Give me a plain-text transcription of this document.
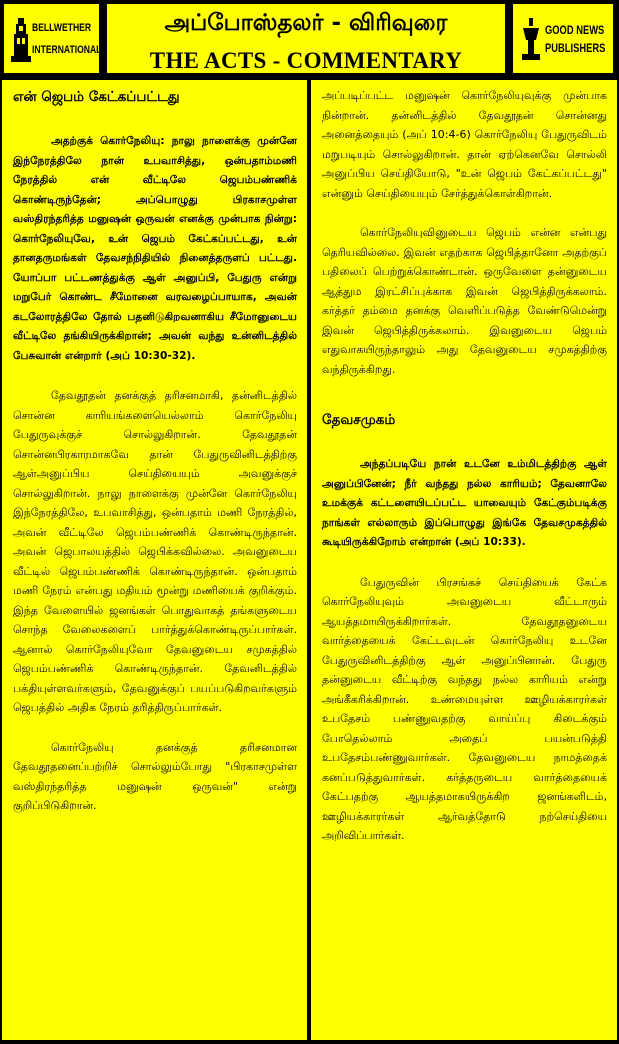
BELLWETHER
INTERNATIONAL
அப்போஸ்தலர் - விரிவுரை
THE ACTS - COMMENTARY
GOOD NEWS
PUBLISHERS
என் ஜெபம் கேட்கப்பட்டது

அதற்குக் கொர்நேலியு: நாலு நாளைக்கு முன்னே இந்நேரத்திலே நான் உபவாசித்து, ஒன்பதாம்மணி நேரத்தில் என் வீட்டிலே ஜெபம்பண்ணிக் கொண்டிருந்தேன்; அப்பொழுது பிரகாசமுள்ள வஸ்திரந்தரித்த மனுஷன் ஒருவன் எனக்கு முன்பாக நின்று: கொர்நேலியுவே, உன் ஜெபம் கேட்கப்பட்டது, உன் தானதருமங்கள் தேவசந்நிதியில் நினைத்தருளப் பட்டது. யோப்பா பட்டணத்துக்கு ஆள் அனுப்பி, பேதுரு என்று மறுபேர் கொண்ட சீமோனை வரவழைப்பாயாக, அவன் கடலோரத்திலே தோல் பதனிடுகிறவனாகிய சீமோனுடைய வீட்டிலே தங்கியிருக்கிறான்; அவன் வந்து உன்னிடத்தில் பேசுவான் என்றார் (அப் 10:30-32).

தேவதூதன் தனக்குத் தரிசனமாகி, தன்னிடத்தில் சொன்ன காரியங்களையெல்லாம் கொர்நேலியு பேதுருவுக்குச் சொல்லுகிறான். தேவதூதன் சொன்னபிரகாரமாகவே தான் பேதுருவினிடத்திற்கு ஆள்அனுப்பிய செய்தியையும் அவனுக்குச் சொல்லுகிறான். நாலு நாளைக்கு முன்னே கொர்நேலியு இந்நேரத்திலே, உபவாசித்து, ஒன்பதாம் மணி நேரத்தில், அவன் வீட்டிலே ஜெபம்பண்ணிக் கொண்டிருந்தான். அவன் ஜெபாலயத்தில் ஜெபிக்கவில்லை. அவனுடைய வீட்டில் ஜெபம்பண்ணிக் கொண்டிருந்தான். ஒன்பதாம் மணி நேரம் என்பது மதியம் மூன்று மணியைக் குறிக்கும். இந்த வேளையில் ஜனங்கள் பொதுவாகத் தங்களுடைய சொந்த வேலைகளைப் பார்த்துக்கொண்டிருப்பார்கள். ஆனால் கொர்நேலியுவோ தேவனுடைய சமுகத்தில் ஜெபம்பண்ணிக் கொண்டிருந்தான். தேவனிடத்தில் பக்தியுள்ளவர்களும், தேவனுக்குப் பயப்படுகிறவர்களும் ஜெபத்தில் அதிக நேரம் தரித்திருப்பார்கள்.

கொர்நேலியு தனக்குத் தரிசனமான தேவதூதனைப்பற்றிச் சொல்லும்போது "பிரகாசமுள்ள வஸ்திரந்தரித்த மனுஷன் ஒருவன்" என்று குறிப்பிடுகிறான்.

அப்படிப்பட்ட மனுஷன் கொர்நேலியுவுக்கு முன்பாக நின்றான். தன்னிடத்தில் தேவதூதன் சொன்னது அனைத்தையும் (அப் 10:4-6) கொர்நேலியு பேதுருவிடம் மறுபடியும் சொல்லுகிறான். தான் ஏற்கெனவே சொல்லி அனுப்பிய செய்தியோடு, "உன் ஜெபம் கேட்கப்பட்டது" என்னும் செய்தியையும் சேர்த்துக்கொள்கிறான்.

கொர்நேலியுவினுடைய ஜெபம் என்ன என்பது தெரியவில்லை. இவன் எதற்காக ஜெபித்தானோ அதற்குப் பதிலைப் பெற்றுக்கொண்டான். ஒருவேளை தன்னுடைய ஆத்தும இரட்சிப்புக்காக இவன் ஜெபித்திருக்கலாம். கர்த்தர் தம்மை தனக்கு வெளிப்படுத்த வேண்டுமென்று இவன் ஜெபித்திருக்கலாம். இவனுடைய ஜெபம் எதுவாகயிருந்தாலும் அது தேவனுடைய சமுகத்திற்கு வந்திருக்கிறது.

தேவசமுகம்

அந்தப்படியே நான் உடனே உம்மிடத்திற்கு ஆள் அனுப்பினேன்; நீர் வந்தது நல்ல காரியம்; தேவனாலே உமக்குக் கட்டளையிடப்பட்ட யாவையும் கேட்கும்படிக்கு நாங்கள் எல்லாரும் இப்பொழுது இங்கே தேவசமுகத்தில் கூடியிருக்கிறோம் என்றான் (அப் 10:33).

பேதுருவின் பிரசங்கச் செய்தியைக் கேட்க கொர்நேலியுவும் அவனுடைய வீட்டாரும் ஆயத்தமாயிருக்கிறார்கள். தேவதூதனுடைய வார்த்தையைக் கேட்டவுடன் கொர்நேலியு உடனே பேதுருவினிடத்திற்கு ஆள் அனுப்பினான். பேதுரு தன்னுடைய வீட்டிற்கு வந்தது நல்ல காரியம் என்று அங்கீகரிக்கிறான். உண்மையுள்ள ஊழியக்காரர்கள் உபதேசம் பண்ணுவதற்கு வாய்ப்பு கிடைக்கும் போதெல்லாம் அதைப் பயன்படுத்தி உபதேசம்பண்ணுவார்கள். தேவனுடைய நாமத்தைக் கனப்படுத்துவார்கள். கர்த்தருடைய வார்த்தையைக் கேட்பதற்கு ஆயத்தமாகயிருக்கிற ஜனங்களிடம், ஊழியக்காரர்கள் ஆர்வத்தோடு நற்செய்தியை அறிவிப்பார்கள்.
